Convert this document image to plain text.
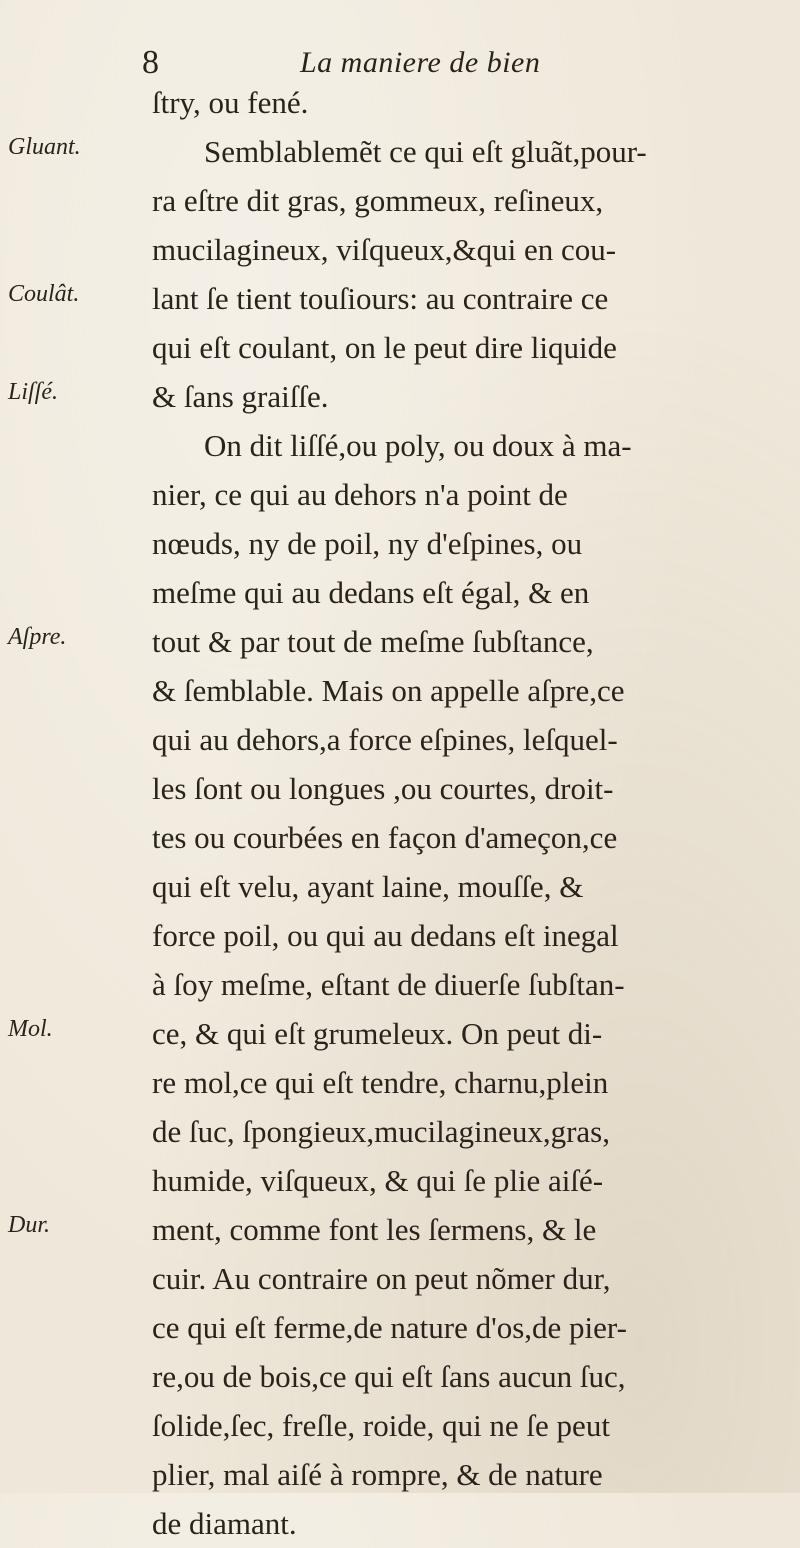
8	La maniere de bien
Gluant.
Coulât.
Liſſé.
Aſpre.
Mol.
Dur.
ſtry, ou fené.
Semblablemẽt ce qui eſt gluãt,pour-
ra eſtre dit gras, gommeux, reſineux,
mucilagineux, viſqueux,&qui en cou-
lant ſe tient touſiours: au contraire ce
qui eſt coulant, on le peut dire liquide
& ſans graiſſe.
On dit liſſé,ou poly, ou doux à ma-
nier, ce qui au dehors n'a point de
nœuds, ny de poil, ny d'eſpines, ou
meſme qui au dedans eſt égal, & en
tout & par tout de meſme ſubſtance,
& ſemblable. Mais on appelle aſpre,ce
qui au dehors,a force eſpines, leſquel-
les ſont ou longues ,ou courtes, droit-
tes ou courbées en façon d'ameçon,ce
qui eſt velu, ayant laine, mouſſe, &
force poil, ou qui au dedans eſt inegal
à ſoy meſme, eſtant de diuerſe ſubſtan-
ce, & qui eſt grumeleux. On peut di-
re mol,ce qui eſt tendre, charnu,plein
de ſuc, ſpongieux,mucilagineux,gras,
humide, viſqueux, & qui ſe plie aiſé-
ment, comme font les ſermens, & le
cuir. Au contraire on peut nõmer dur,
ce qui eſt ferme,de nature d'os,de pier-
re,ou de bois,ce qui eſt ſans aucun ſuc,
ſolide,ſec, freſle, roide, qui ne ſe peut
plier, mal aiſé à rompre, & de nature
de diamant.
